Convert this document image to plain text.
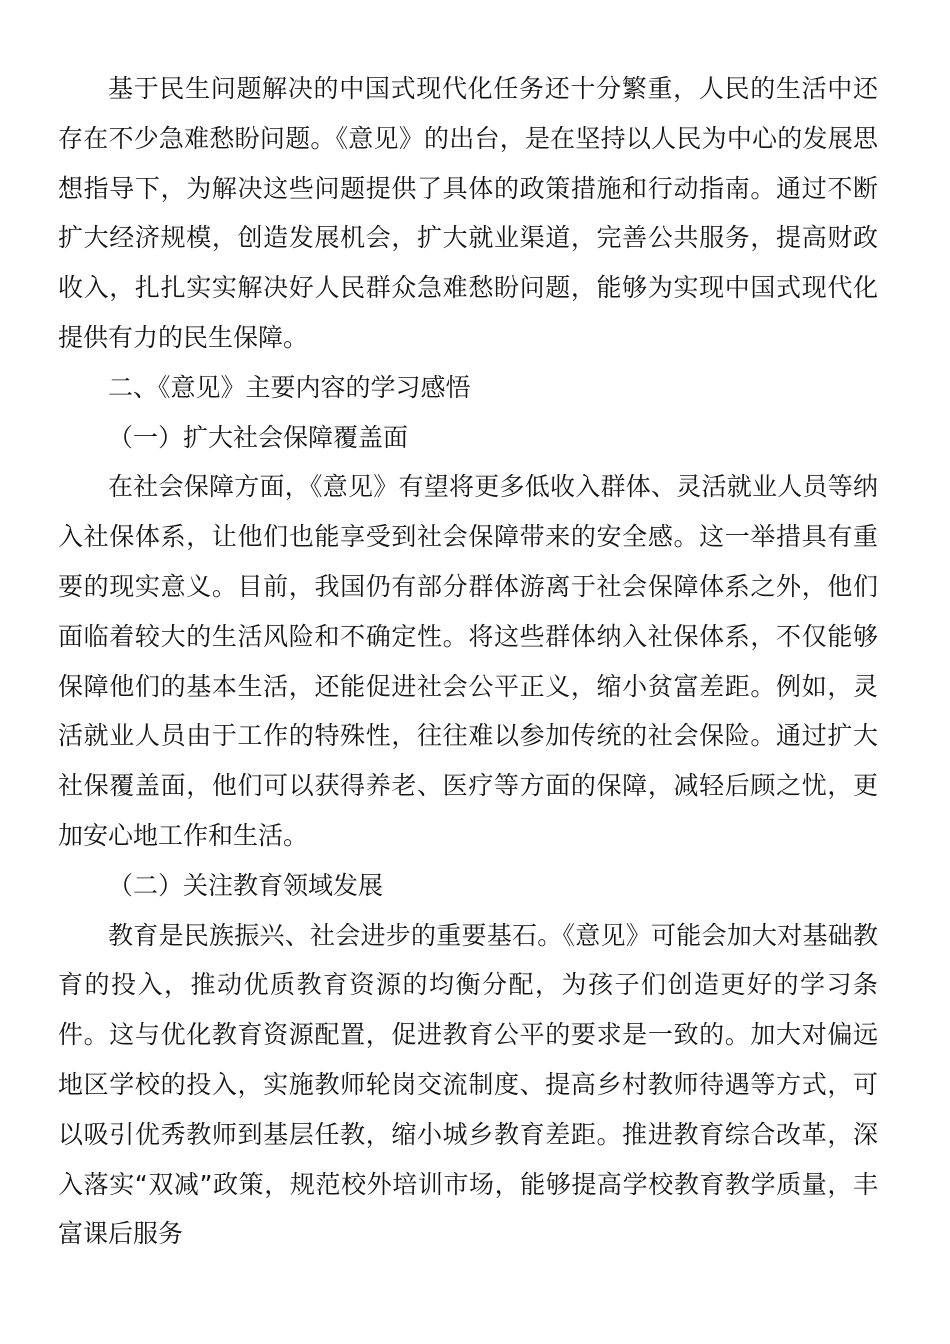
基于民生问题解决的中国式现代化任务还十分繁重，人民的生活中还存在不少急难愁盼问题。《意见》的出台，是在坚持以人民为中心的发展思想指导下，为解决这些问题提供了具体的政策措施和行动指南。通过不断扩大经济规模，创造发展机会，扩大就业渠道，完善公共服务，提高财政收入，扎扎实实解决好人民群众急难愁盼问题，能够为实现中国式现代化提供有力的民生保障。

二、《意见》主要内容的学习感悟

（一）扩大社会保障覆盖面

在社会保障方面，《意见》有望将更多低收入群体、灵活就业人员等纳入社保体系，让他们也能享受到社会保障带来的安全感。这一举措具有重要的现实意义。目前，我国仍有部分群体游离于社会保障体系之外，他们面临着较大的生活风险和不确定性。将这些群体纳入社保体系，不仅能够保障他们的基本生活，还能促进社会公平正义，缩小贫富差距。例如，灵活就业人员由于工作的特殊性，往往难以参加传统的社会保险。通过扩大社保覆盖面，他们可以获得养老、医疗等方面的保障，减轻后顾之忧，更加安心地工作和生活。

（二）关注教育领域发展

教育是民族振兴、社会进步的重要基石。《意见》可能会加大对基础教育的投入，推动优质教育资源的均衡分配，为孩子们创造更好的学习条件。这与优化教育资源配置，促进教育公平的要求是一致的。加大对偏远地区学校的投入，实施教师轮岗交流制度、提高乡村教师待遇等方式，可以吸引优秀教师到基层任教，缩小城乡教育差距。推进教育综合改革，深入落实“双减”政策，规范校外培训市场，能够提高学校教育教学质量，丰富课后服务
